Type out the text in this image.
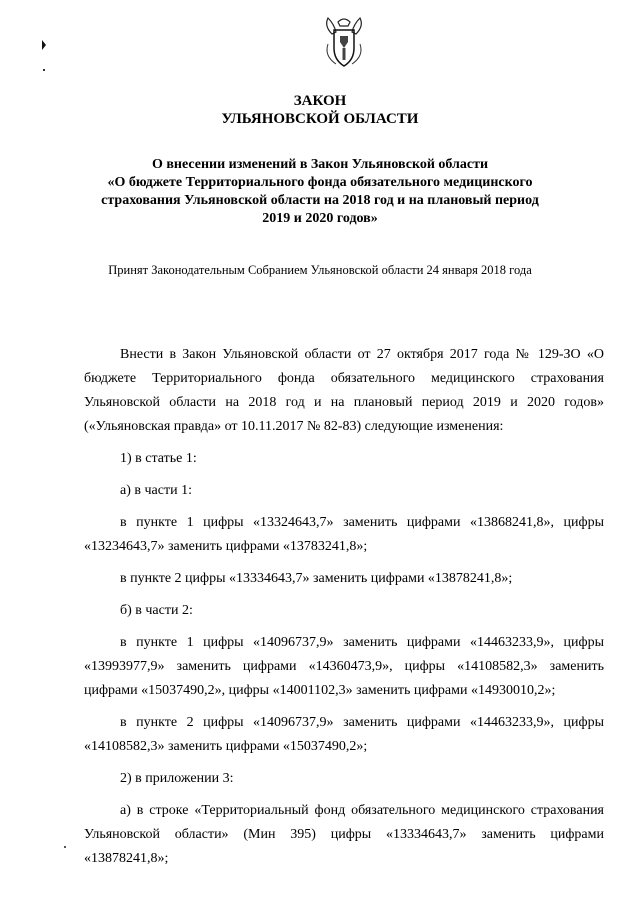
ЗАКОН
УЛЬЯНОВСКОЙ ОБЛАСТИ
О внесении изменений в Закон Ульяновской области
«О бюджете Территориального фонда обязательного медицинского
страхования Ульяновской области на 2018 год и на плановый период
2019 и 2020 годов»
Принят Законодательным Собранием Ульяновской области 24 января 2018 года

Внести в Закон Ульяновской области от 27 октября 2017 года № 129-ЗО «О бюджете Территориального фонда обязательного медицинского страхования Ульяновской области на 2018 год и на плановый период 2019 и 2020 годов» («Ульяновская правда» от 10.11.2017 № 82-83) следующие изменения:

1) в статье 1:

а) в части 1:

в пункте 1 цифры «13324643,7» заменить цифрами «13868241,8», цифры «13234643,7» заменить цифрами «13783241,8»;

в пункте 2 цифры «13334643,7» заменить цифрами «13878241,8»;

б) в части 2:

в пункте 1 цифры «14096737,9» заменить цифрами «14463233,9», цифры «13993977,9» заменить цифрами «14360473,9», цифры «14108582,3» заменить цифрами «15037490,2», цифры «14001102,3» заменить цифрами «14930010,2»;

в пункте 2 цифры «14096737,9» заменить цифрами «14463233,9», цифры «14108582,3» заменить цифрами «15037490,2»;

2) в приложении 3:

а) в строке «Территориальный фонд обязательного медицинского страхования Ульяновской области» (Мин 395) цифры «13334643,7» заменить цифрами «13878241,8»;
